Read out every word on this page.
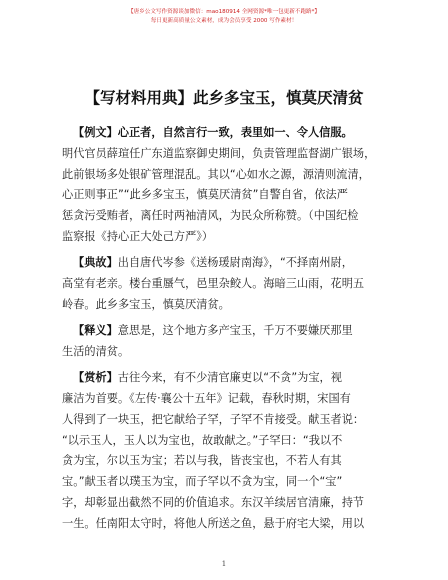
【唐乡公文写作资源谈加微信：mao180914 全网资源*唯一包更新不跑路*】
每日更新高质量公文素材，成为会员享受 2000 写作素材！
【写材料用典】此乡多宝玉，慎莫厌清贫
【例文】心正者，自然言行一致，表里如一、令人信服。
明代官员薛瑄任广东道监察御史期间，负责管理监督湖广银场，
此前银场多处银矿管理混乱。其以“心如水之源，源清则流清，
心正则事正”“此乡多宝玉，慎莫厌清贫”自警自省，依法严
惩贪污受贿者，离任时两袖清风，为民众所称赞。（中国纪检
监察报《持心正大处己方严》）
【典故】出自唐代岑参《送杨瑗尉南海》，“不择南州尉，
高堂有老亲。楼台重蜃气，邑里杂鲛人。海暗三山雨，花明五
岭春。此乡多宝玉，慎莫厌清贫。
【释义】意思是，这个地方多产宝玉，千万不要嫌厌那里
生活的清贫。
【赏析】古往今来，有不少清官廉吏以“不贪”为宝，视
廉洁为首要。《左传·襄公十五年》记载，春秋时期，宋国有
人得到了一块玉，把它献给子罕，子罕不肯接受。献玉者说：
“以示玉人，玉人以为宝也，故敢献之。”子罕曰：“我以不
贪为宝，尔以玉为宝；若以与我，皆丧宝也，不若人有其
宝。”献玉者以璞玉为宝，而子罕以不贪为宝，同一个“宝”
字，却彰显出截然不同的价值追求。东汉羊续居官清廉，持节
一生。任南阳太守时，将他人所送之鱼，悬于府宅大梁，用以
1
